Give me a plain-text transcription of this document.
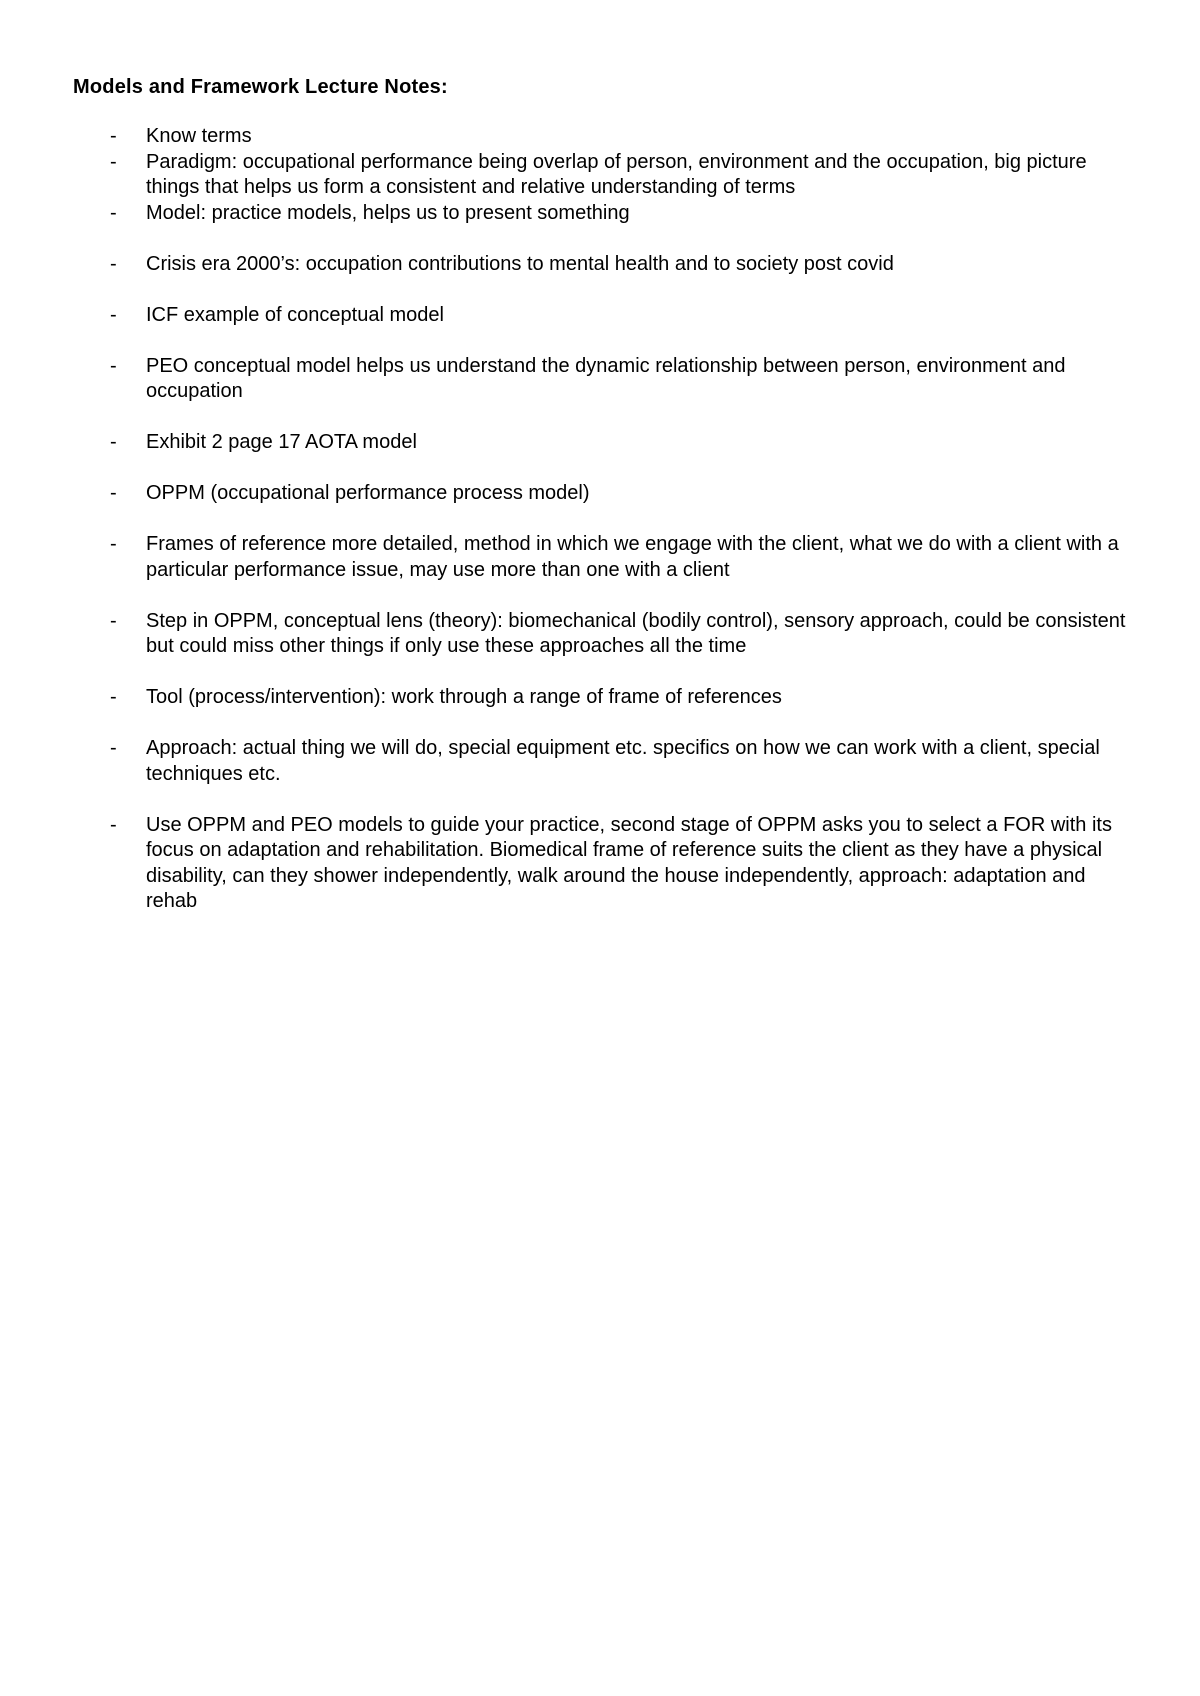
Models and Framework Lecture Notes:
-	Know terms
-	Paradigm: occupational performance being overlap of person, environment and the occupation, big picture things that helps us form a consistent and relative understanding of terms
-	Model: practice models, helps us to present something
-	Crisis era 2000’s: occupation contributions to mental health and to society post covid
-	ICF example of conceptual model
-	PEO conceptual model helps us understand the dynamic relationship between person, environment and occupation
-	Exhibit 2 page 17 AOTA model
-	OPPM (occupational performance process model)
-	Frames of reference more detailed, method in which we engage with the client, what we do with a client with a particular performance issue, may use more than one with a client
-	Step in OPPM, conceptual lens (theory): biomechanical (bodily control), sensory approach, could be consistent but could miss other things if only use these approaches all the time
-	Tool (process/intervention): work through a range of frame of references
-	Approach: actual thing we will do, special equipment etc. specifics on how we can work with a client, special techniques etc.
-	Use OPPM and PEO models to guide your practice, second stage of OPPM asks you to select a FOR with its focus on adaptation and rehabilitation. Biomedical frame of reference suits the client as they have a physical disability, can they shower independently, walk around the house independently, approach: adaptation and rehab
